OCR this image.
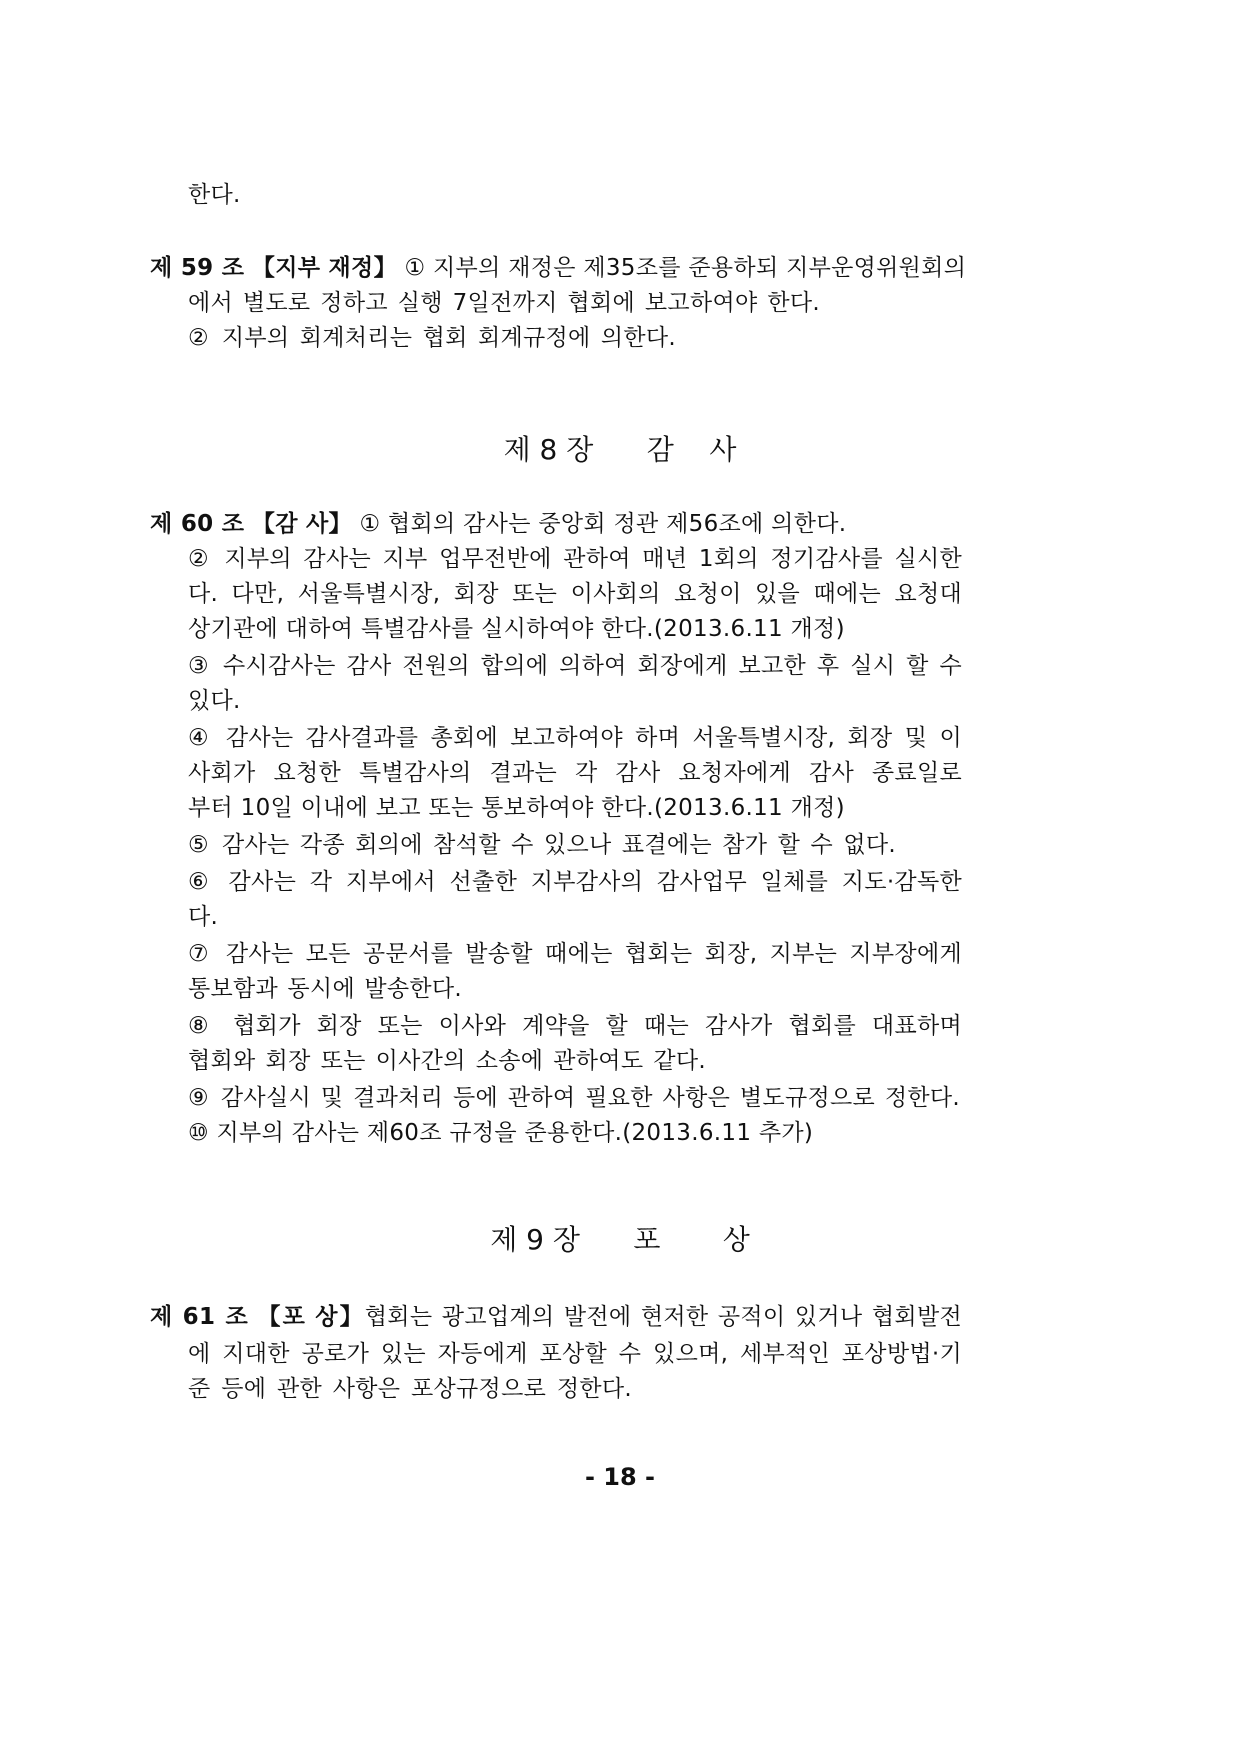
한다.

제 59 조 【지부 재정】 ① 지부의 재정은 제35조를 준용하되 지부운영위원회의

에서 별도로 정하고 실행 7일전까지 협회에 보고하여야 한다.

② 지부의 회계처리는 협회 회계규정에 의한다.

제 8 장 감    사

제 60 조 【감 사】 ① 협회의 감사는 중앙회 정관 제56조에 의한다.

② 지부의 감사는 지부 업무전반에 관하여 매년 1회의 정기감사를 실시한

다. 다만, 서울특별시장, 회장 또는 이사회의 요청이 있을 때에는 요청대

상기관에 대하여 특별감사를 실시하여야 한다.(2013.6.11 개정)

③ 수시감사는 감사 전원의 합의에 의하여 회장에게 보고한 후 실시 할 수

있다.

④ 감사는 감사결과를 총회에 보고하여야 하며 서울특별시장, 회장 및 이

사회가 요청한 특별감사의 결과는 각 감사 요청자에게 감사 종료일로

부터 10일 이내에 보고 또는 통보하여야 한다.(2013.6.11 개정)

⑤ 감사는 각종 회의에 참석할 수 있으나 표결에는 참가 할 수 없다.

⑥ 감사는 각 지부에서 선출한 지부감사의 감사업무 일체를 지도·감독한

다.

⑦ 감사는 모든 공문서를 발송할 때에는 협회는 회장, 지부는 지부장에게

통보함과 동시에 발송한다.

⑧ 협회가 회장 또는 이사와 계약을 할 때는 감사가 협회를 대표하며

협회와 회장 또는 이사간의 소송에 관하여도 같다.

⑨ 감사실시 및 결과처리 등에 관하여 필요한 사항은 별도규정으로 정한다.

⑩ 지부의 감사는 제60조 규정을 준용한다.(2013.6.11 추가)

제 9 장 포       상

제 61 조 【포 상】협회는 광고업계의 발전에 현저한 공적이 있거나 협회발전

에 지대한 공로가 있는 자등에게 포상할 수 있으며, 세부적인 포상방법·기

준 등에 관한 사항은 포상규정으로 정한다.

- 18 -
